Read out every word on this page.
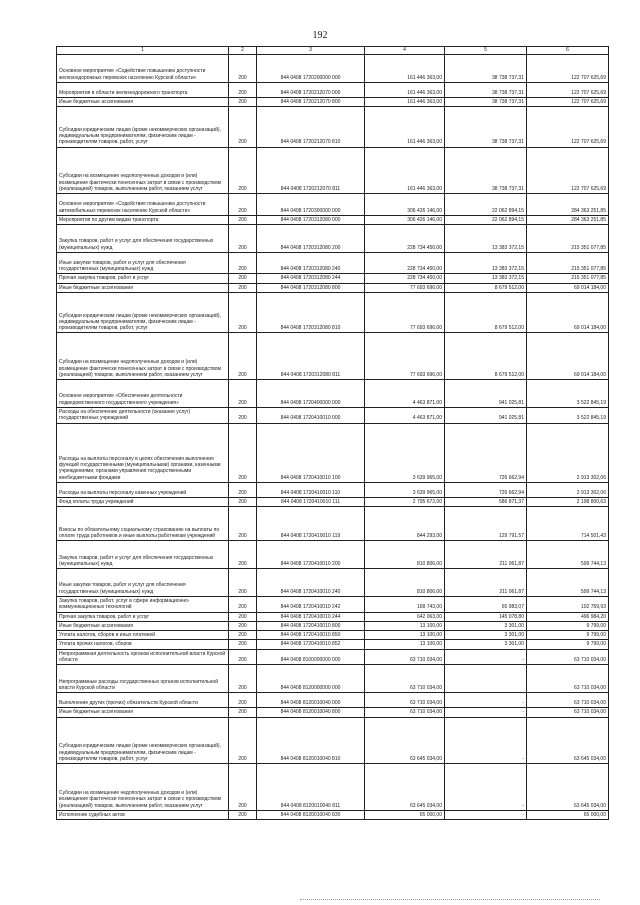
192
1	2	3	4	5	6
Основное мероприятие «Содействие повышению доступности железнодорожных перевозок населению Курской области»	200	844 0408 1720200000 000	161 446 363,00	38 738 737,31	122 707 625,69
Мероприятия в области железнодорожного транспорта	200	844 0408 1720212070 000	161 446 363,00	38 738 737,31	122 707 625,69
Иные бюджетные ассигнования	200	844 0408 1720212070 800	161 446 363,00	38 738 737,31	122 707 625,69
Субсидии юридическим лицам (кроме некоммерческих организаций), индивидуальным предпринимателям, физическим лицам - производителям товаров, работ, услуг	200	844 0408 1720212070 810	161 446 363,00	38 738 737,31	122 707 625,69
Субсидии на возмещение недополученных доходов и (или) возмещение фактически понесенных затрат в связи с производством (реализацией) товаров, выполнением работ, оказанием услуг	200	844 0408 1720212070 811	161 446 363,00	38 738 737,31	122 707 625,69
Основное мероприятие «Содействие повышению доступности автомобильных перевозок населению Курской области»	200	844 0408 1720300000 000	306 426 146,00	22 062 894,15	284 363 251,85
Мероприятия по другим видам транспорта	200	844 0408 1720312080 000	306 426 146,00	22 062 894,15	284 363 251,85
Закупка товаров, работ и услуг для обеспечения государственных (муниципальных) нужд	200	844 0408 1720312080 200	228 734 450,00	13 383 372,15	215 351 077,85
Иные закупки товаров, работ и услуг для обеспечения государственных (муниципальных) нужд	200	844 0408 1720312080 240	228 734 450,00	13 383 372,15	215 351 077,85
Прочая закупка товаров, работ и услуг	200	844 0408 1720312080 244	228 734 450,00	13 383 372,15	215 351 077,85
Иные бюджетные ассигнования	200	844 0408 1720312080 800	77 693 696,00	8 679 512,00	69 014 184,00
Субсидии юридическим лицам (кроме некоммерческих организаций), индивидуальным предпринимателям, физическим лицам - производителям товаров, работ, услуг	200	844 0408 1720312080 810	77 693 696,00	8 679 512,00	69 014 184,00
Субсидии на возмещение недополученных доходов и (или) возмещение фактически понесенных затрат в связи с производством (реализацией) товаров, выполнением работ, оказанием услуг	200	844 0408 1720312080 811	77 693 696,00	8 679 512,00	69 014 184,00
Основное мероприятие «Обеспечение деятельности подведомственного государственного учреждения»	200	844 0408 1720400000 000	4 463 871,00	941 025,81	3 522 845,19
Расходы на обеспечение деятельности (оказание услуг) государственных учреждений	200	844 0408 1720410010 000	4 463 871,00	941 025,81	3 522 845,19
Расходы на выплаты персоналу в целях обеспечения выполнения функций государственными (муниципальными) органами, казенными учреждениями, органами управления государственными внебюджетными фондами	200	844 0408 1720410010 100	3 639 965,00	726 662,94	2 913 302,06
Расходы на выплаты персоналу казенных учреждений	200	844 0408 1720410010 110	3 639 965,00	726 662,94	2 913 302,06
Фонд оплаты труда учреждений	200	844 0408 1720410010 111	2 795 672,00	586 871,37	2 198 800,63
Взносы по обязательному социальному страхованию на выплаты по оплате труда работников и иные выплаты работникам учреждений	200	844 0408 1720410010 119	844 293,00	129 791,57	714 501,43
Закупка товаров, работ и услуг для обеспечения государственных (муниципальных) нужд	200	844 0408 1720410010 200	810 806,00	211 061,87	599 744,13
Иные закупки товаров, работ и услуг для обеспечения государственных (муниципальных) нужд	200	844 0408 1720410010 240	810 806,00	211 061,87	599 744,13
Закупка товаров, работ, услуг в сфере информационно-коммуникационных технологий	200	844 0408 1720410010 242	168 743,00	65 983,07	102 759,93
Прочая закупка товаров, работ и услуг	200	844 0408 1720410010 244	642 063,00	145 078,80	496 984,20
Иные бюджетные ассигнования	200	844 0408 1720410010 800	13 100,00	3 301,00	9 799,00
Уплата налогов, сборов и иных платежей	200	844 0408 1720410010 850	13 100,00	3 301,00	9 799,00
Уплата прочих налогов, сборов	200	844 0408 1720410010 852	13 100,00	3 301,00	9 799,00
Непрограммная деятельность органов исполнительной власти Курской области	200	844 0408 8100000000 000	63 710 034,00	-	63 710 034,00
Непрограммные расходы государственных органов исполнительной власти Курской области	200	844 0408 8120000000 000	63 710 034,00		63 710 034,00
Выполнение других (прочих) обязательств Курской области	200	844 0408 8120010040 000	63 710 034,00	-	63 710 034,00
Иные бюджетные ассигнования	200	844 0408 8120010040 800	63 710 034,00	-	63 710 034,00
Субсидии юридическим лицам (кроме некоммерческих организаций), индивидуальным предпринимателям, физическим лицам - производителям товаров, работ, услуг	200	844 0408 8120010040 810	63 645 034,00	-	63 645 034,00
Субсидии на возмещение недополученных доходов и (или) возмещение фактически понесенных затрат в связи с производством (реализацией) товаров, выполнением работ, оказанием услуг	200	844 0408 8120010040 811	63 645 034,00	-	63 645 034,00
Исполнение судебных актов	200	844 0408 8120010040 830	65 000,00	-	65 000,00
